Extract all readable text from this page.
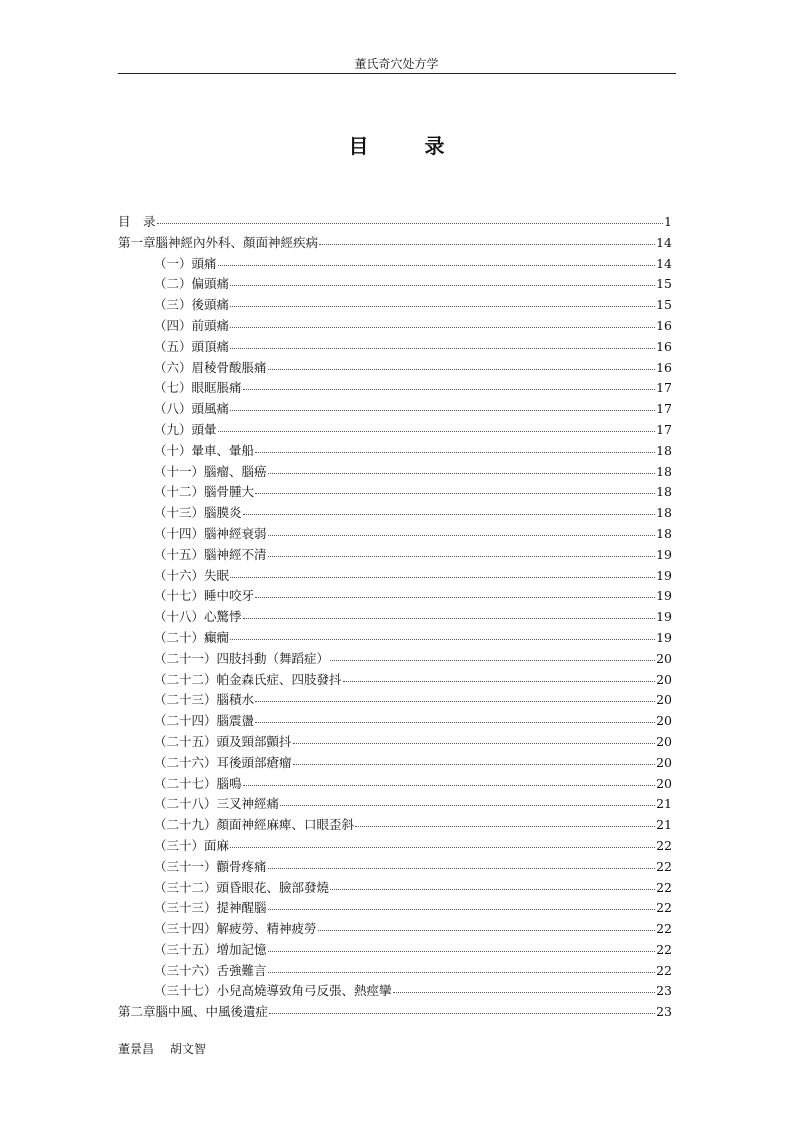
董氏奇穴处方学
目　录
目　录	1
第一章腦神經內外科、顏面神經疾病	14
（一）頭痛	14
（二）偏頭痛	15
（三）後頭痛	15
（四）前頭痛	16
（五）頭頂痛	16
（六）眉稜骨酸脹痛	16
（七）眼眶脹痛	17
（八）頭風痛	17
（九）頭暈	17
（十）暈車、暈船	18
（十一）腦瘤、腦癌	18
（十二）腦骨腫大	18
（十三）腦膜炎	18
（十四）腦神經衰弱	18
（十五）腦神經不清	19
（十六）失眠	19
（十七）睡中咬牙	19
（十八）心驚悸	19
（二十）癲癇	19
（二十一）四肢抖動（舞蹈症）	20
（二十二）帕金森氏症、四肢發抖	20
（二十三）腦積水	20
（二十四）腦震盪	20
（二十五）頭及頸部顫抖	20
（二十六）耳後頭部瘡瘤	20
（二十七）腦鳴	20
（二十八）三叉神經痛	21
（二十九）顏面神經麻痺、口眼歪斜	21
（三十）面麻	22
（三十一）顴骨疼痛	22
（三十二）頭昏眼花、臉部發燒	22
（三十三）提神醒腦	22
（三十四）解疲勞、精神疲勞	22
（三十五）增加記憶	22
（三十六）舌強難言	22
（三十七）小兒高燒導致角弓反張、熱痙攣	23
第二章腦中風、中風後遺症	23
董景昌　 胡文智
